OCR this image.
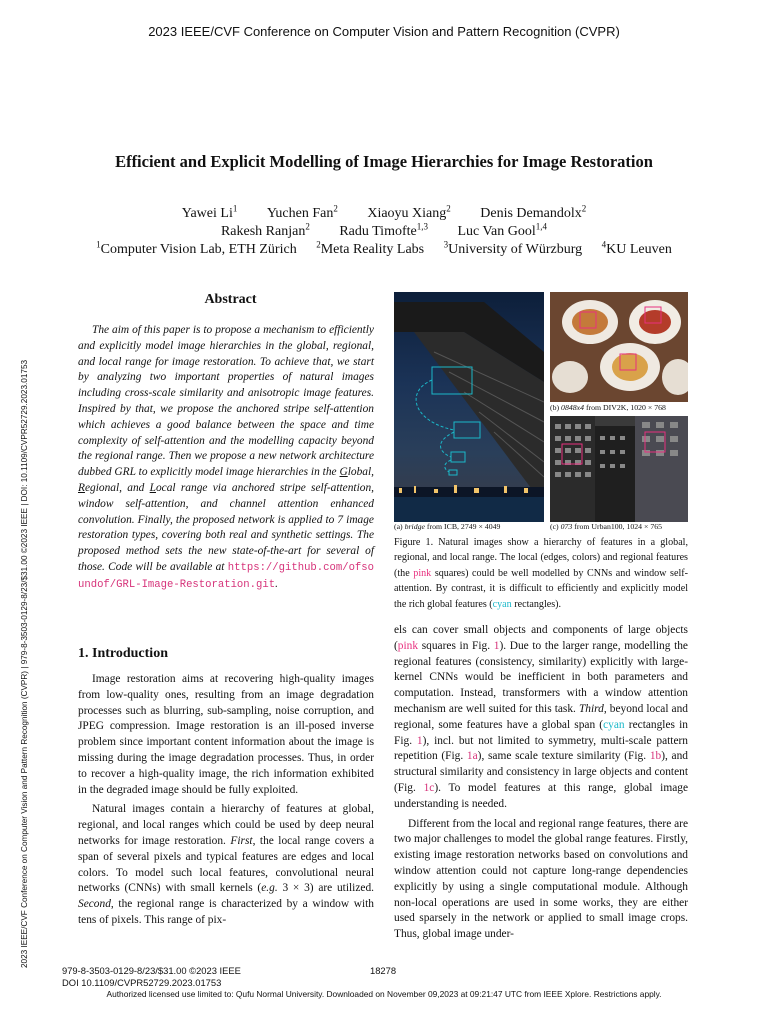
2023 IEEE/CVF Conference on Computer Vision and Pattern Recognition (CVPR)
2023 IEEE/CVF Conference on Computer Vision and Pattern Recognition (CVPR) | 979-8-3503-0129-8/23/$31.00 ©2023 IEEE | DOI: 10.1109/CVPR52729.2023.01753
Efficient and Explicit Modelling of Image Hierarchies for Image Restoration
Yawei Li$^1$ Yuchen Fan$^2$ Xiaoyu Xiang$^2$ Denis Demandolx$^2$
Rakesh Ranjan$^2$ Radu Timofte$^{1,3}$ Luc Van Gool$^{1,4}$
$^1$Computer Vision Lab, ETH Zürich $^2$Meta Reality Labs $^3$University of Würzburg $^4$KU Leuven
Abstract
The aim of this paper is to propose a mechanism to efficiently and explicitly model image hierarchies in the global, regional, and local range for image restoration. To achieve that, we start by analyzing two important properties of natural images including cross-scale similarity and anisotropic image features. Inspired by that, we propose the anchored stripe self-attention which achieves a good balance between the space and time complexity of self-attention and the modelling capacity beyond the regional range. Then we propose a new network architecture dubbed GRL to explicitly model image hierarchies in the Global, Regional, and Local range via anchored stripe self-attention, window self-attention, and channel attention enhanced convolution. Finally, the proposed network is applied to 7 image restoration types, covering both real and synthetic settings. The proposed method sets the new state-of-the-art for several of those. Code will be available at https://github.com/ofsoundof/GRL-Image-Restoration.git.
1. Introduction

Image restoration aims at recovering high-quality images from low-quality ones, resulting from an image degradation processes such as blurring, sub-sampling, noise corruption, and JPEG compression. Image restoration is an ill-posed inverse problem since important content information about the image is missing during the image degradation processes. Thus, in order to recover a high-quality image, the rich information exhibited in the degraded image should be fully exploited.

Natural images contain a hierarchy of features at global, regional, and local ranges which could be used by deep neural networks for image restoration. First, the local range covers a span of several pixels and typical features are edges and local colors. To model such local features, convolutional neural networks (CNNs) with small kernels (e.g. 3 × 3) are utilized. Second, the regional range is characterized by a window with tens of pixels. This range of pix-

(a) bridge from ICB, 2749 × 4049
(b) 0848x4 from DIV2K, 1020 × 768
(c) 073 from Urban100, 1024 × 765
Figure 1. Natural images show a hierarchy of features in a global, regional, and local range. The local (edges, colors) and regional features (the pink squares) could be well modelled by CNNs and window self-attention. By contrast, it is difficult to efficiently and explicitly model the rich global features (cyan rectangles).

els can cover small objects and components of large objects (pink squares in Fig. 1). Due to the larger range, modelling the regional features (consistency, similarity) explicitly with large-kernel CNNs would be inefficient in both parameters and computation. Instead, transformers with a window attention mechanism are well suited for this task. Third, beyond local and regional, some features have a global span (cyan rectangles in Fig. 1), incl. but not limited to symmetry, multi-scale pattern repetition (Fig. 1a), same scale texture similarity (Fig. 1b), and structural similarity and consistency in large objects and content (Fig. 1c). To model features at this range, global image understanding is needed.

Different from the local and regional range features, there are two major challenges to model the global range features. Firstly, existing image restoration networks based on convolutions and window attention could not capture long-range dependencies explicitly by using a single computational module. Although non-local operations are used in some works, they are either used sparsely in the network or applied to small image crops. Thus, global image under-

979-8-3503-0129-8/23/$31.00 ©2023 IEEE
DOI 10.1109/CVPR52729.2023.01753
18278
Authorized licensed use limited to: Qufu Normal University. Downloaded on November 09,2023 at 09:21:47 UTC from IEEE Xplore. Restrictions apply.
